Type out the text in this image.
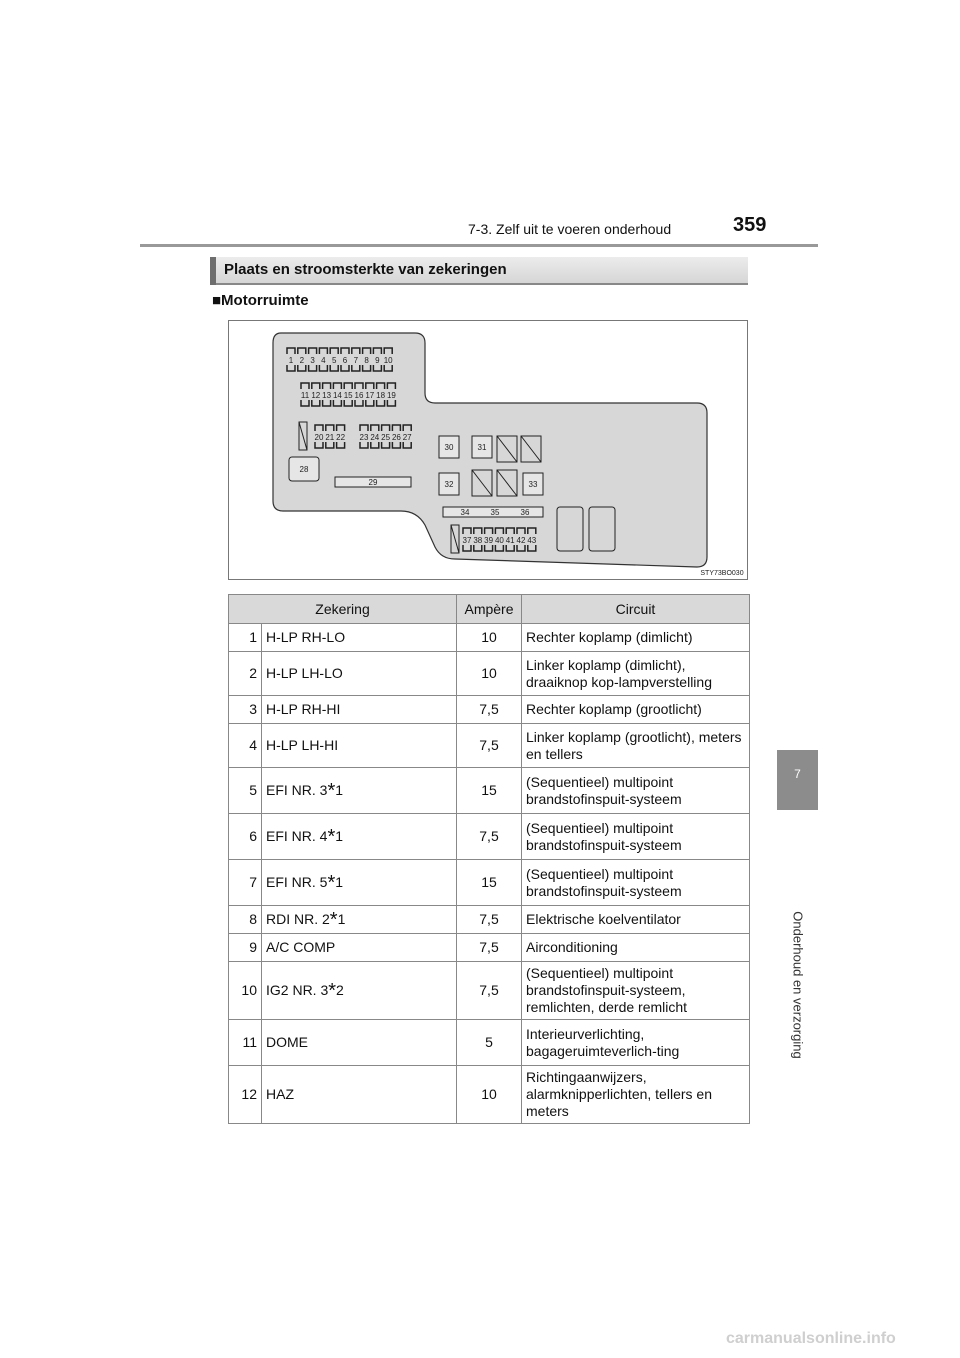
7-3. Zelf uit te voeren onderhoud	359
7
Onderhoud en verzorging
Plaats en stroomsterkte van zekeringen
■Motorruimte
1 2 3 4 5 6 7 8 9 10
11 12 13 14 15 16 17 18 19
20 21 22 23 24 25 26 27
28
29
30	31
32	33
34	35	36
37 38 39 40 41 42 43
STY73BO030
Zekering		Ampère	Circuit
1	H-LP RH-LO	10	Rechter koplamp (dimlicht)
2	H-LP LH-LO	10	Linker koplamp (dimlicht), draaiknop kop-lampverstelling
3	H-LP RH-HI	7,5	Rechter koplamp (grootlicht)
4	H-LP LH-HI	7,5	Linker koplamp (grootlicht), meters en tellers
5	EFI NR. 3*1	15	(Sequentieel) multipoint brandstofinspuit-systeem
6	EFI NR. 4*1	7,5	(Sequentieel) multipoint brandstofinspuit-systeem
7	EFI NR. 5*1	15	(Sequentieel) multipoint brandstofinspuit-systeem
8	RDI NR. 2*1	7,5	Elektrische koelventilator
9	A/C COMP	7,5	Airconditioning
10	IG2 NR. 3*2	7,5	(Sequentieel) multipoint brandstofinspuit-systeem, remlichten, derde remlicht
11	DOME	5	Interieurverlichting, bagageruimteverlich-ting
12	HAZ	10	Richtingaanwijzers, alarmknipperlichten, tellers en meters
carmanualsonline.info
